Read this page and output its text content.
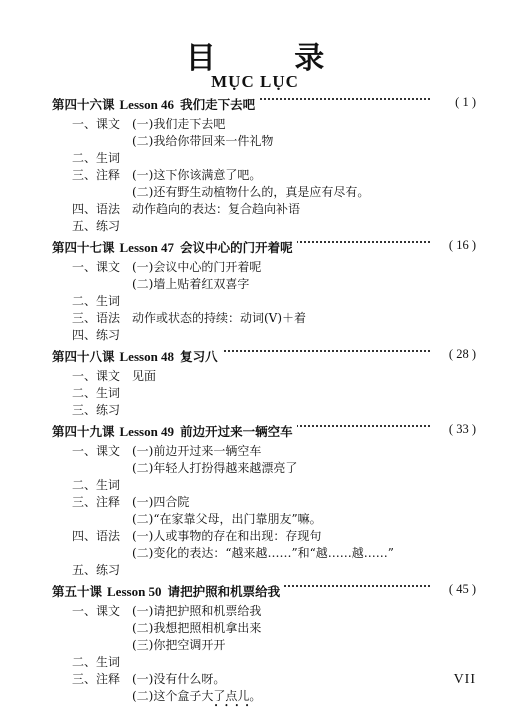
目 录
MỤC LỤC
第四十六课 Lesson 46 我们走下去吧	( 1 )
一、课文 (一)我们走下去吧
(二)我给你带回来一件礼物
二、生词
三、注释 (一)这下你该满意了吧。
(二)还有野生动植物什么的，真是应有尽有。
四、语法 动作趋向的表达：复合趋向补语
五、练习
第四十七课 Lesson 47 会议中心的门开着呢	( 16 )
一、课文 (一)会议中心的门开着呢
(二)墙上贴着红双喜字
二、生词
三、语法 动作或状态的持续：动词(V)＋着
四、练习
第四十八课 Lesson 48 复习八	( 28 )
一、课文 见面
二、生词
三、练习
第四十九课 Lesson 49 前边开过来一辆空车	( 33 )
一、课文 (一)前边开过来一辆空车
(二)年轻人打扮得越来越漂亮了
二、生词
三、注释 (一)四合院
(二)“在家靠父母，出门靠朋友”嘛。
四、语法 (一)人或事物的存在和出现：存现句
(二)变化的表达：“越来越……”和“越……越……”
五、练习
第五十课 Lesson 50 请把护照和机票给我	( 45 )
一、课文 (一)请把护照和机票给我
(二)我想把照相机拿出来
(三)你把空调开开
二、生词
三、注释 (一)没有什么呀。
(二)这个盒子大了点儿。 • • • •
VII
